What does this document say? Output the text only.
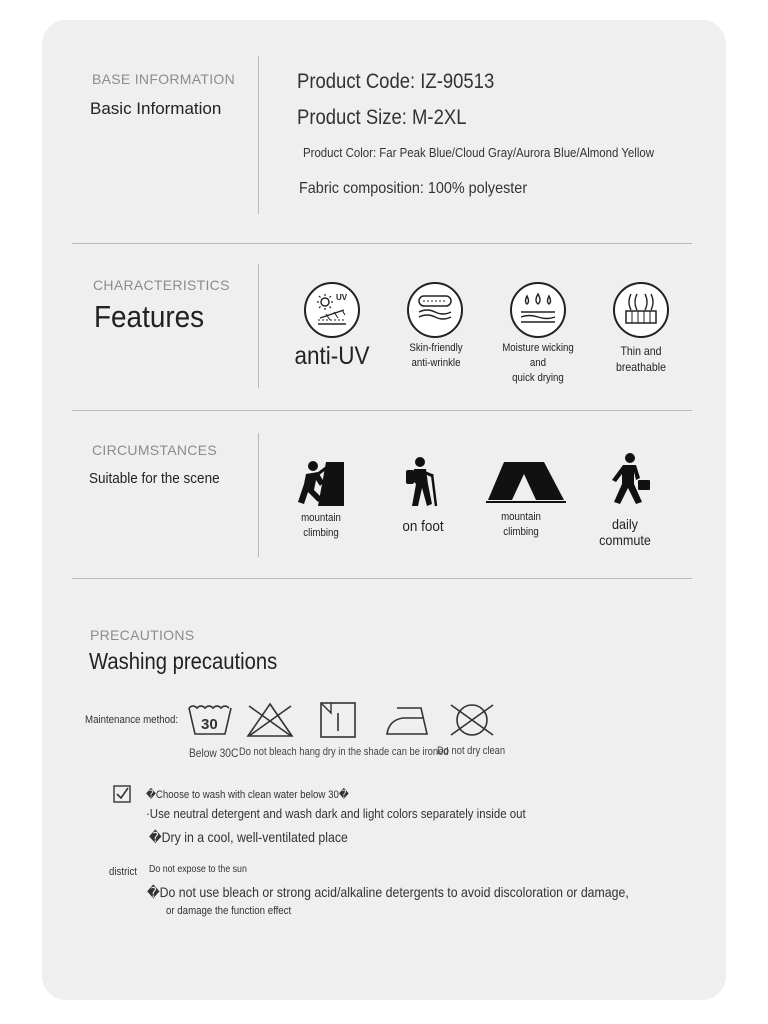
BASE INFORMATION
Basic Information
Product Code: IZ-90513
Product Size: M-2XL
Product Color: Far Peak Blue/Cloud Gray/Aurora Blue/Almond Yellow
Fabric composition: 100% polyester
CHARACTERISTICS
Features
UV
anti-UV	Skin-friendly
anti-wrinkle
Moisture wicking and
quick drying
Thin and
breathable
CIRCUMSTANCES
Suitable for the scene
mountain
climbing	on foot
mountain
climbing	daily commute
PRECAUTIONS
Washing precautions
Maintenance method: 30
Below 30C Do not bleach hang dry in the shade can be ironed
Do not dry clean
�Choose to wash with clean water below 30�
·Use neutral detergent and wash dark and light colors separately inside out
�Dry in a cool, well-ventilated place
district Do not expose to the sun
�Do not use bleach or strong acid/alkaline detergents to avoid discoloration or damage,
or damage the function effect
